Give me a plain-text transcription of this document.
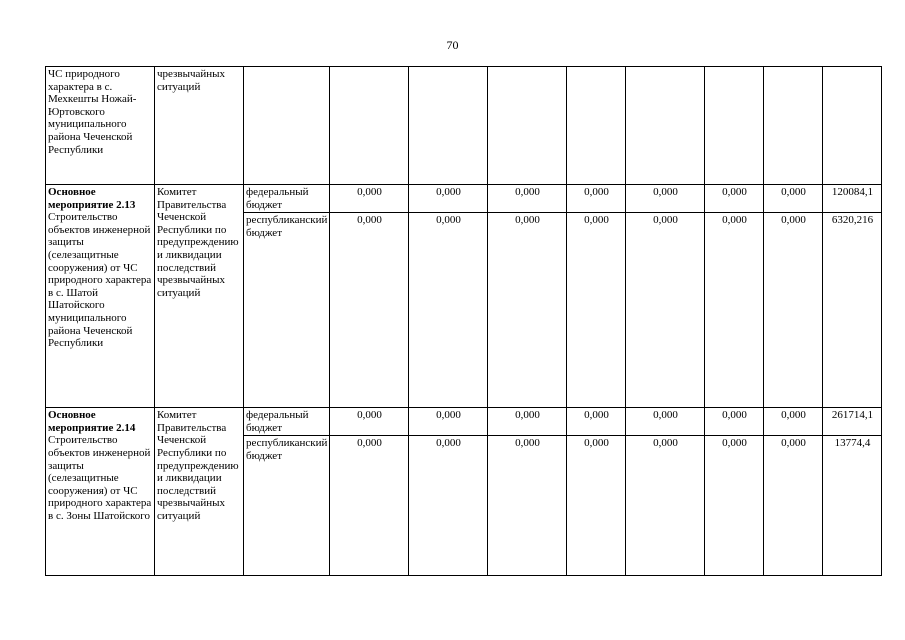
70
ЧС природного характера в с. Мехкешты Ножай-Юртовского муниципального района Чеченской Республики	чрезвычайных ситуаций									

Основное мероприятие 2.13
Строительство объектов инженерной защиты (селезащитные сооружения) от ЧС природного характера в с. Шатой Шатойского муниципального района Чеченской Республики	Комитет Правительства Чеченской Республики по предупреждению и ликвидации последствий чрезвычайных ситуаций	федеральный бюджет	0,000	0,000	0,000	0,000	0,000	0,000	0,000	120084,1
		республиканский бюджет	0,000	0,000	0,000	0,000	0,000	0,000	0,000	6320,216

Основное мероприятие 2.14
Строительство объектов инженерной защиты (селезащитные сооружения) от ЧС природного характера в с. Зоны Шатойского	Комитет Правительства Чеченской Республики по предупреждению и ликвидации последствий чрезвычайных ситуаций	федеральный бюджет	0,000	0,000	0,000	0,000	0,000	0,000	0,000	261714,1
		республиканский бюджет	0,000	0,000	0,000	0,000	0,000	0,000	0,000	13774,4
